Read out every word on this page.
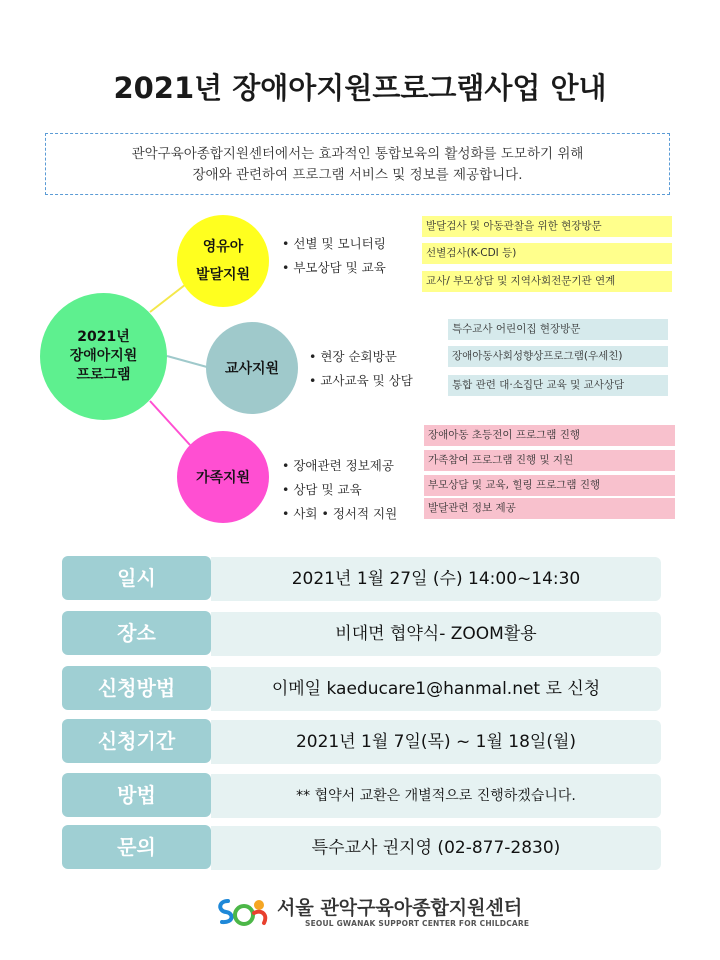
2021년 장애아지원프로그램사업 안내
관악구육아종합지원센터에서는 효과적인 통합보육의 활성화를 도모하기 위해
장애와 관련하여 프로그램 서비스 및 정보를 제공합니다.
2021년
장애아지원
프로그램
영유아
발달지원
교사지원
가족지원
• 선별 및 모니터링
• 부모상담 및 교육
• 현장 순회방문
• 교사교육 및 상담
• 장애관련 정보제공
• 상담 및 교육
• 사회 • 정서적 지원
발달검사 및 아동관찰을 위한 현장방문
선별검사(K-CDI 등)
교사/ 부모상담 및 지역사회전문기관 연계
특수교사 어린이집 현장방문
장애아동사회성향상프로그램(우세친)
통합 관련 대·소집단 교육 및 교사상담
장애아동 초등전이 프로그램 진행
가족참여 프로그램 진행 및 지원
부모상담 및 교육, 힐링 프로그램 진행
발달관련 정보 제공
2021년 1월 27일 (수) 14:00~14:30
일시
비대면 협약식- ZOOM활용
장소
이메일 kaeducare1@hanmal.net 로 신청
신청방법
2021년 1월 7일(목) ~ 1월 18일(월)
신청기간
** 협약서 교환은 개별적으로 진행하겠습니다.
방법
특수교사 권지영 (02-877-2830)
문의
서울 관악구육아종합지원센터
SEOUL GWANAK SUPPORT CENTER FOR CHILDCARE
